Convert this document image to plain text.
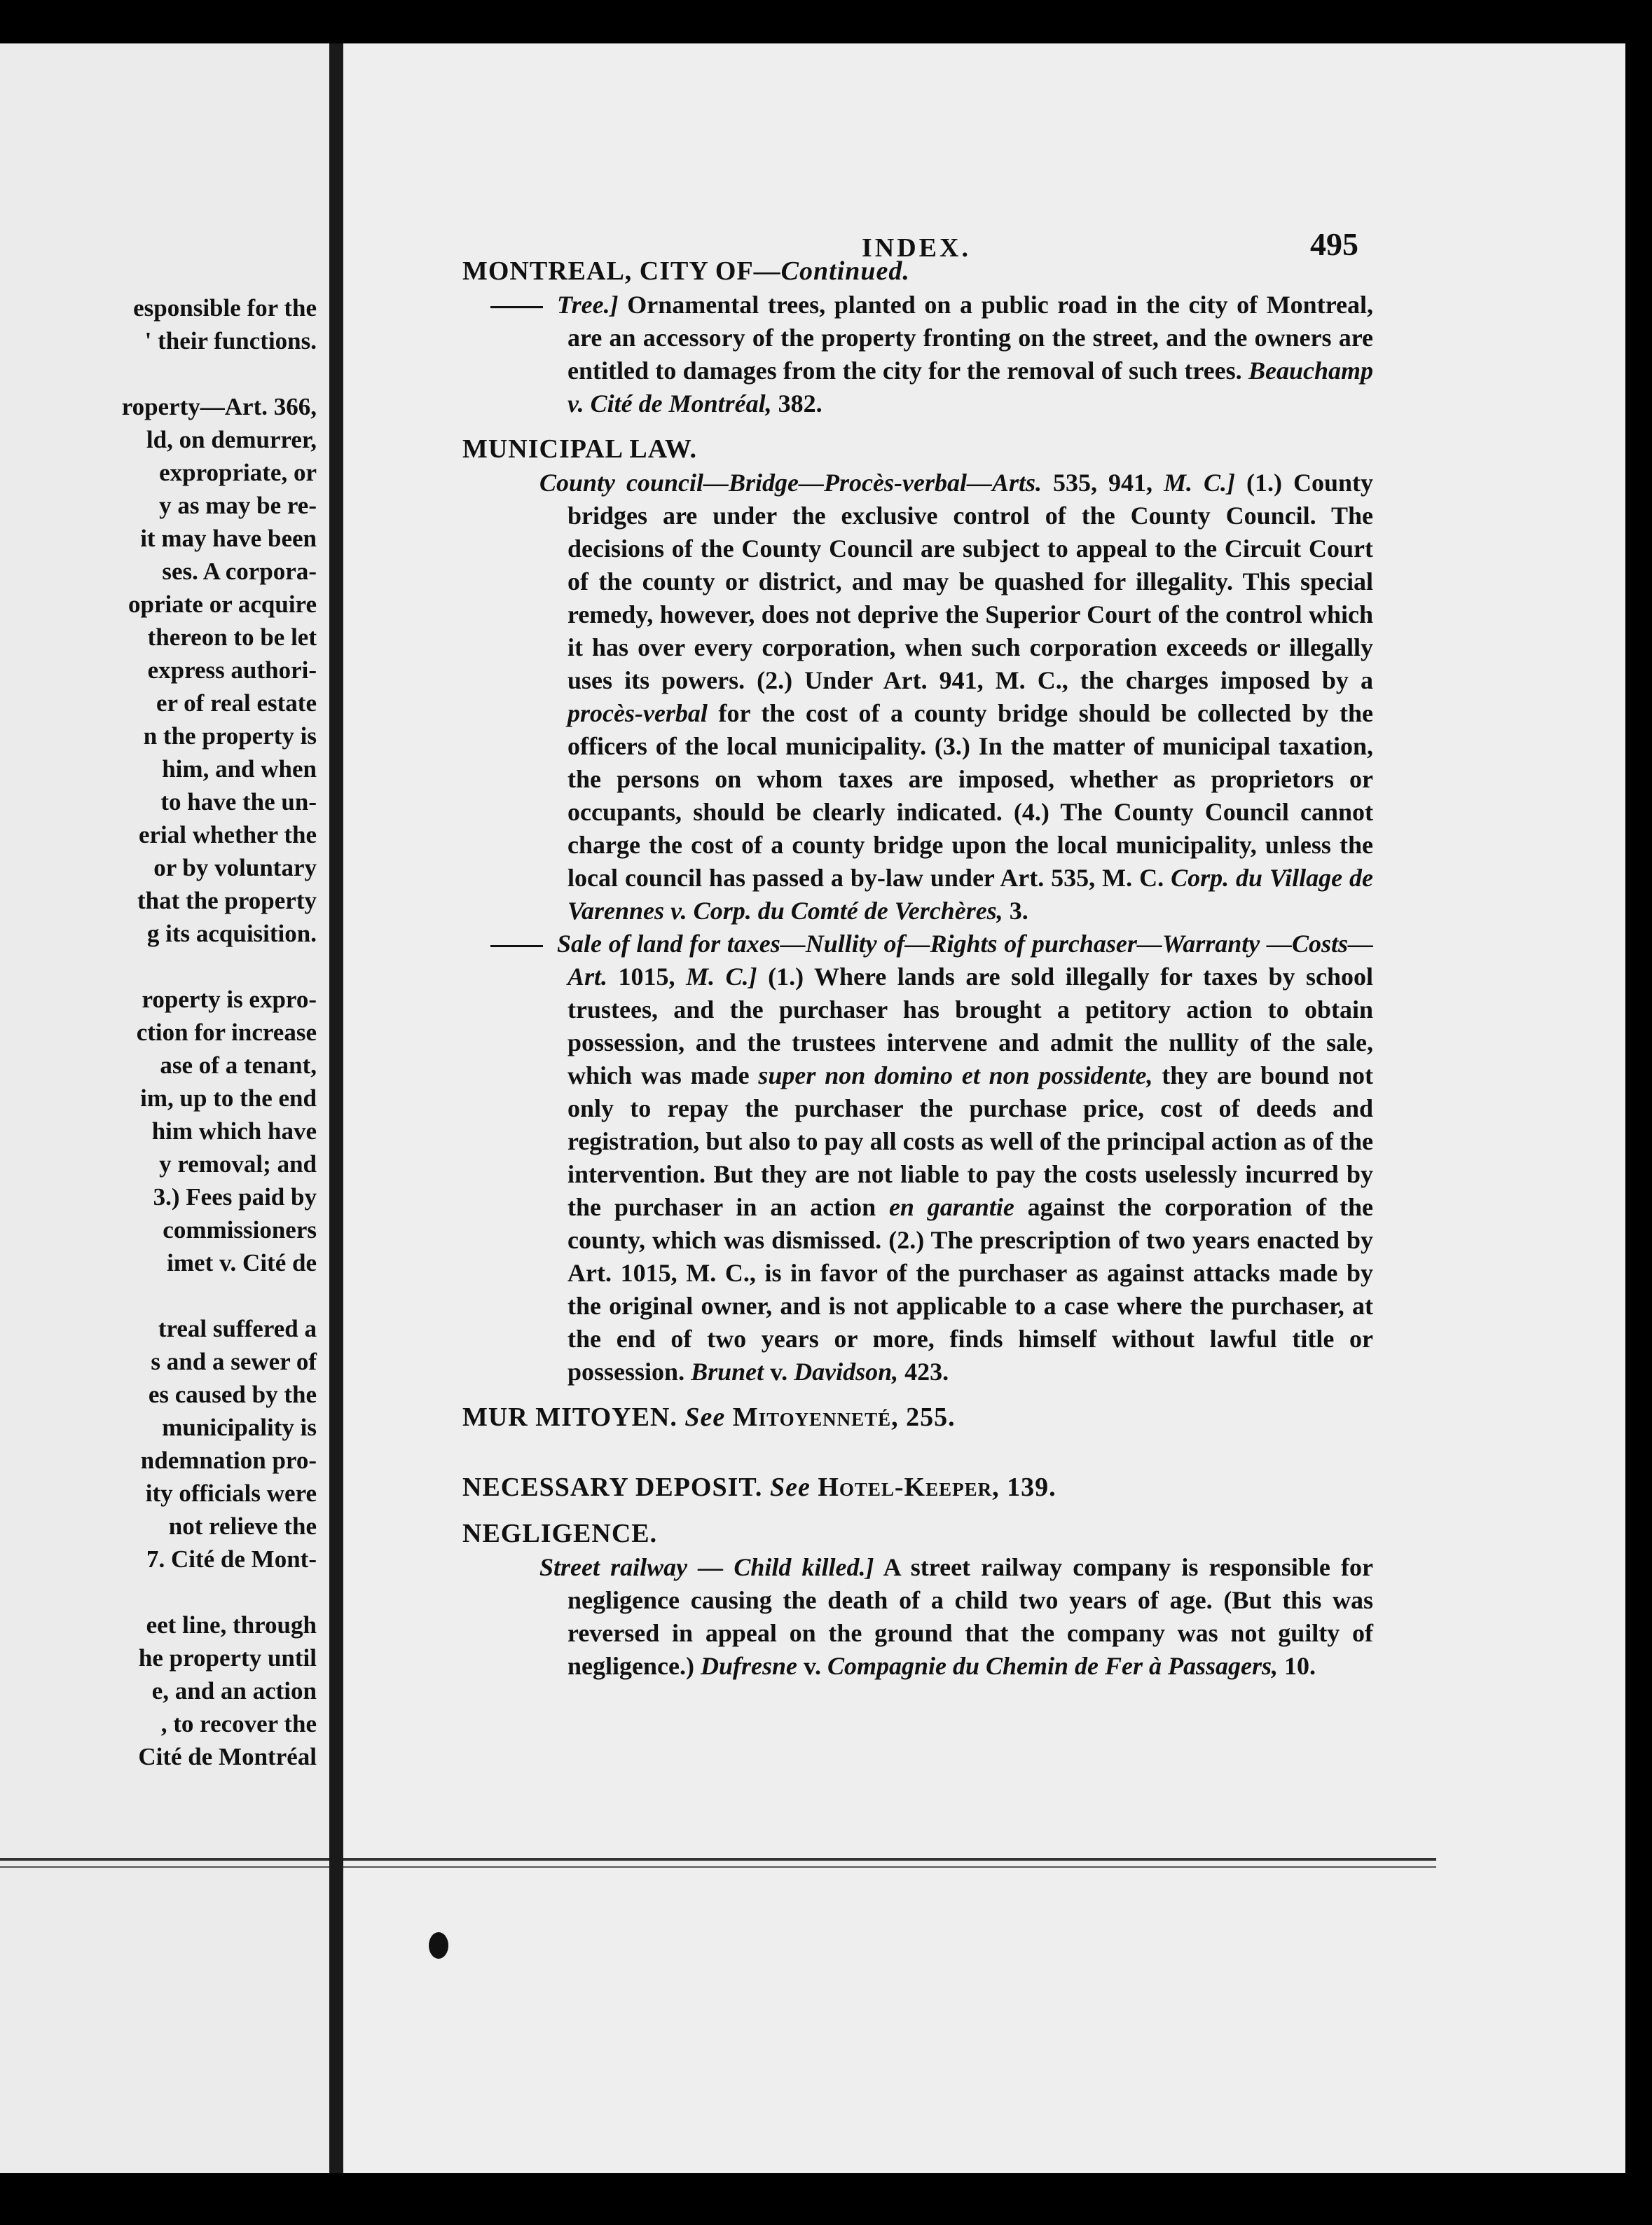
esponsible for the
' their functions.
roperty—Art. 366,
ld, on demurrer,
expropriate, or
y as may be re-
it may have been
ses. A corpora-
opriate or acquire
thereon to be let
express authori-
er of real estate
n the property is
him, and when
to have the un-
erial whether the
or by voluntary
that the property
g its acquisition.
roperty is expro-
ction for increase
ase of a tenant,
im, up to the end
him which have
y removal; and
3.) Fees paid by
commissioners
imet v. Cité de
treal suffered a
s and a sewer of
es caused by the
municipality is
ndemnation pro-
ity officials were
not relieve the
7. Cité de Mont-
eet line, through
he property until
e, and an action
, to recover the
Cité de Montréal
INDEX.	495
MONTREAL, CITY OF—Continued.
Tree.] Ornamental trees, planted on a public road in the city of Montreal, are an accessory of the property fronting on the street, and the owners are entitled to damages from the city for the removal of such trees. Beauchamp v. Cité de Montréal, 382.
MUNICIPAL LAW.
County council—Bridge—Procès-verbal—Arts. 535, 941, M. C.] (1.) County bridges are under the exclusive control of the County Council. The decisions of the County Council are subject to appeal to the Circuit Court of the county or district, and may be quashed for illegality. This special remedy, however, does not deprive the Superior Court of the control which it has over every corporation, when such corporation exceeds or illegally uses its powers. (2.) Under Art. 941, M. C., the charges imposed by a procès-verbal for the cost of a county bridge should be collected by the officers of the local municipality. (3.) In the matter of municipal taxation, the persons on whom taxes are imposed, whether as proprietors or occupants, should be clearly indicated. (4.) The County Council cannot charge the cost of a county bridge upon the local municipality, unless the local council has passed a by-law under Art. 535, M. C. Corp. du Village de Varennes v. Corp. du Comté de Verchères, 3.
Sale of land for taxes—Nullity of—Rights of purchaser—Warranty —Costs—Art. 1015, M. C.] (1.) Where lands are sold illegally for taxes by school trustees, and the purchaser has brought a petitory action to obtain possession, and the trustees intervene and admit the nullity of the sale, which was made super non domino et non possidente, they are bound not only to repay the purchaser the purchase price, cost of deeds and registration, but also to pay all costs as well of the principal action as of the intervention. But they are not liable to pay the costs uselessly incurred by the purchaser in an action en garantie against the corporation of the county, which was dismissed. (2.) The prescription of two years enacted by Art. 1015, M. C., is in favor of the purchaser as against attacks made by the original owner, and is not applicable to a case where the purchaser, at the end of two years or more, finds himself without lawful title or possession. Brunet v. Davidson, 423.
MUR MITOYEN. See Mitoyenneté, 255.
NECESSARY DEPOSIT. See Hotel-Keeper, 139.
NEGLIGENCE.
Street railway — Child killed.] A street railway company is responsible for negligence causing the death of a child two years of age. (But this was reversed in appeal on the ground that the company was not guilty of negligence.) Dufresne v. Compagnie du Chemin de Fer à Passagers, 10.
